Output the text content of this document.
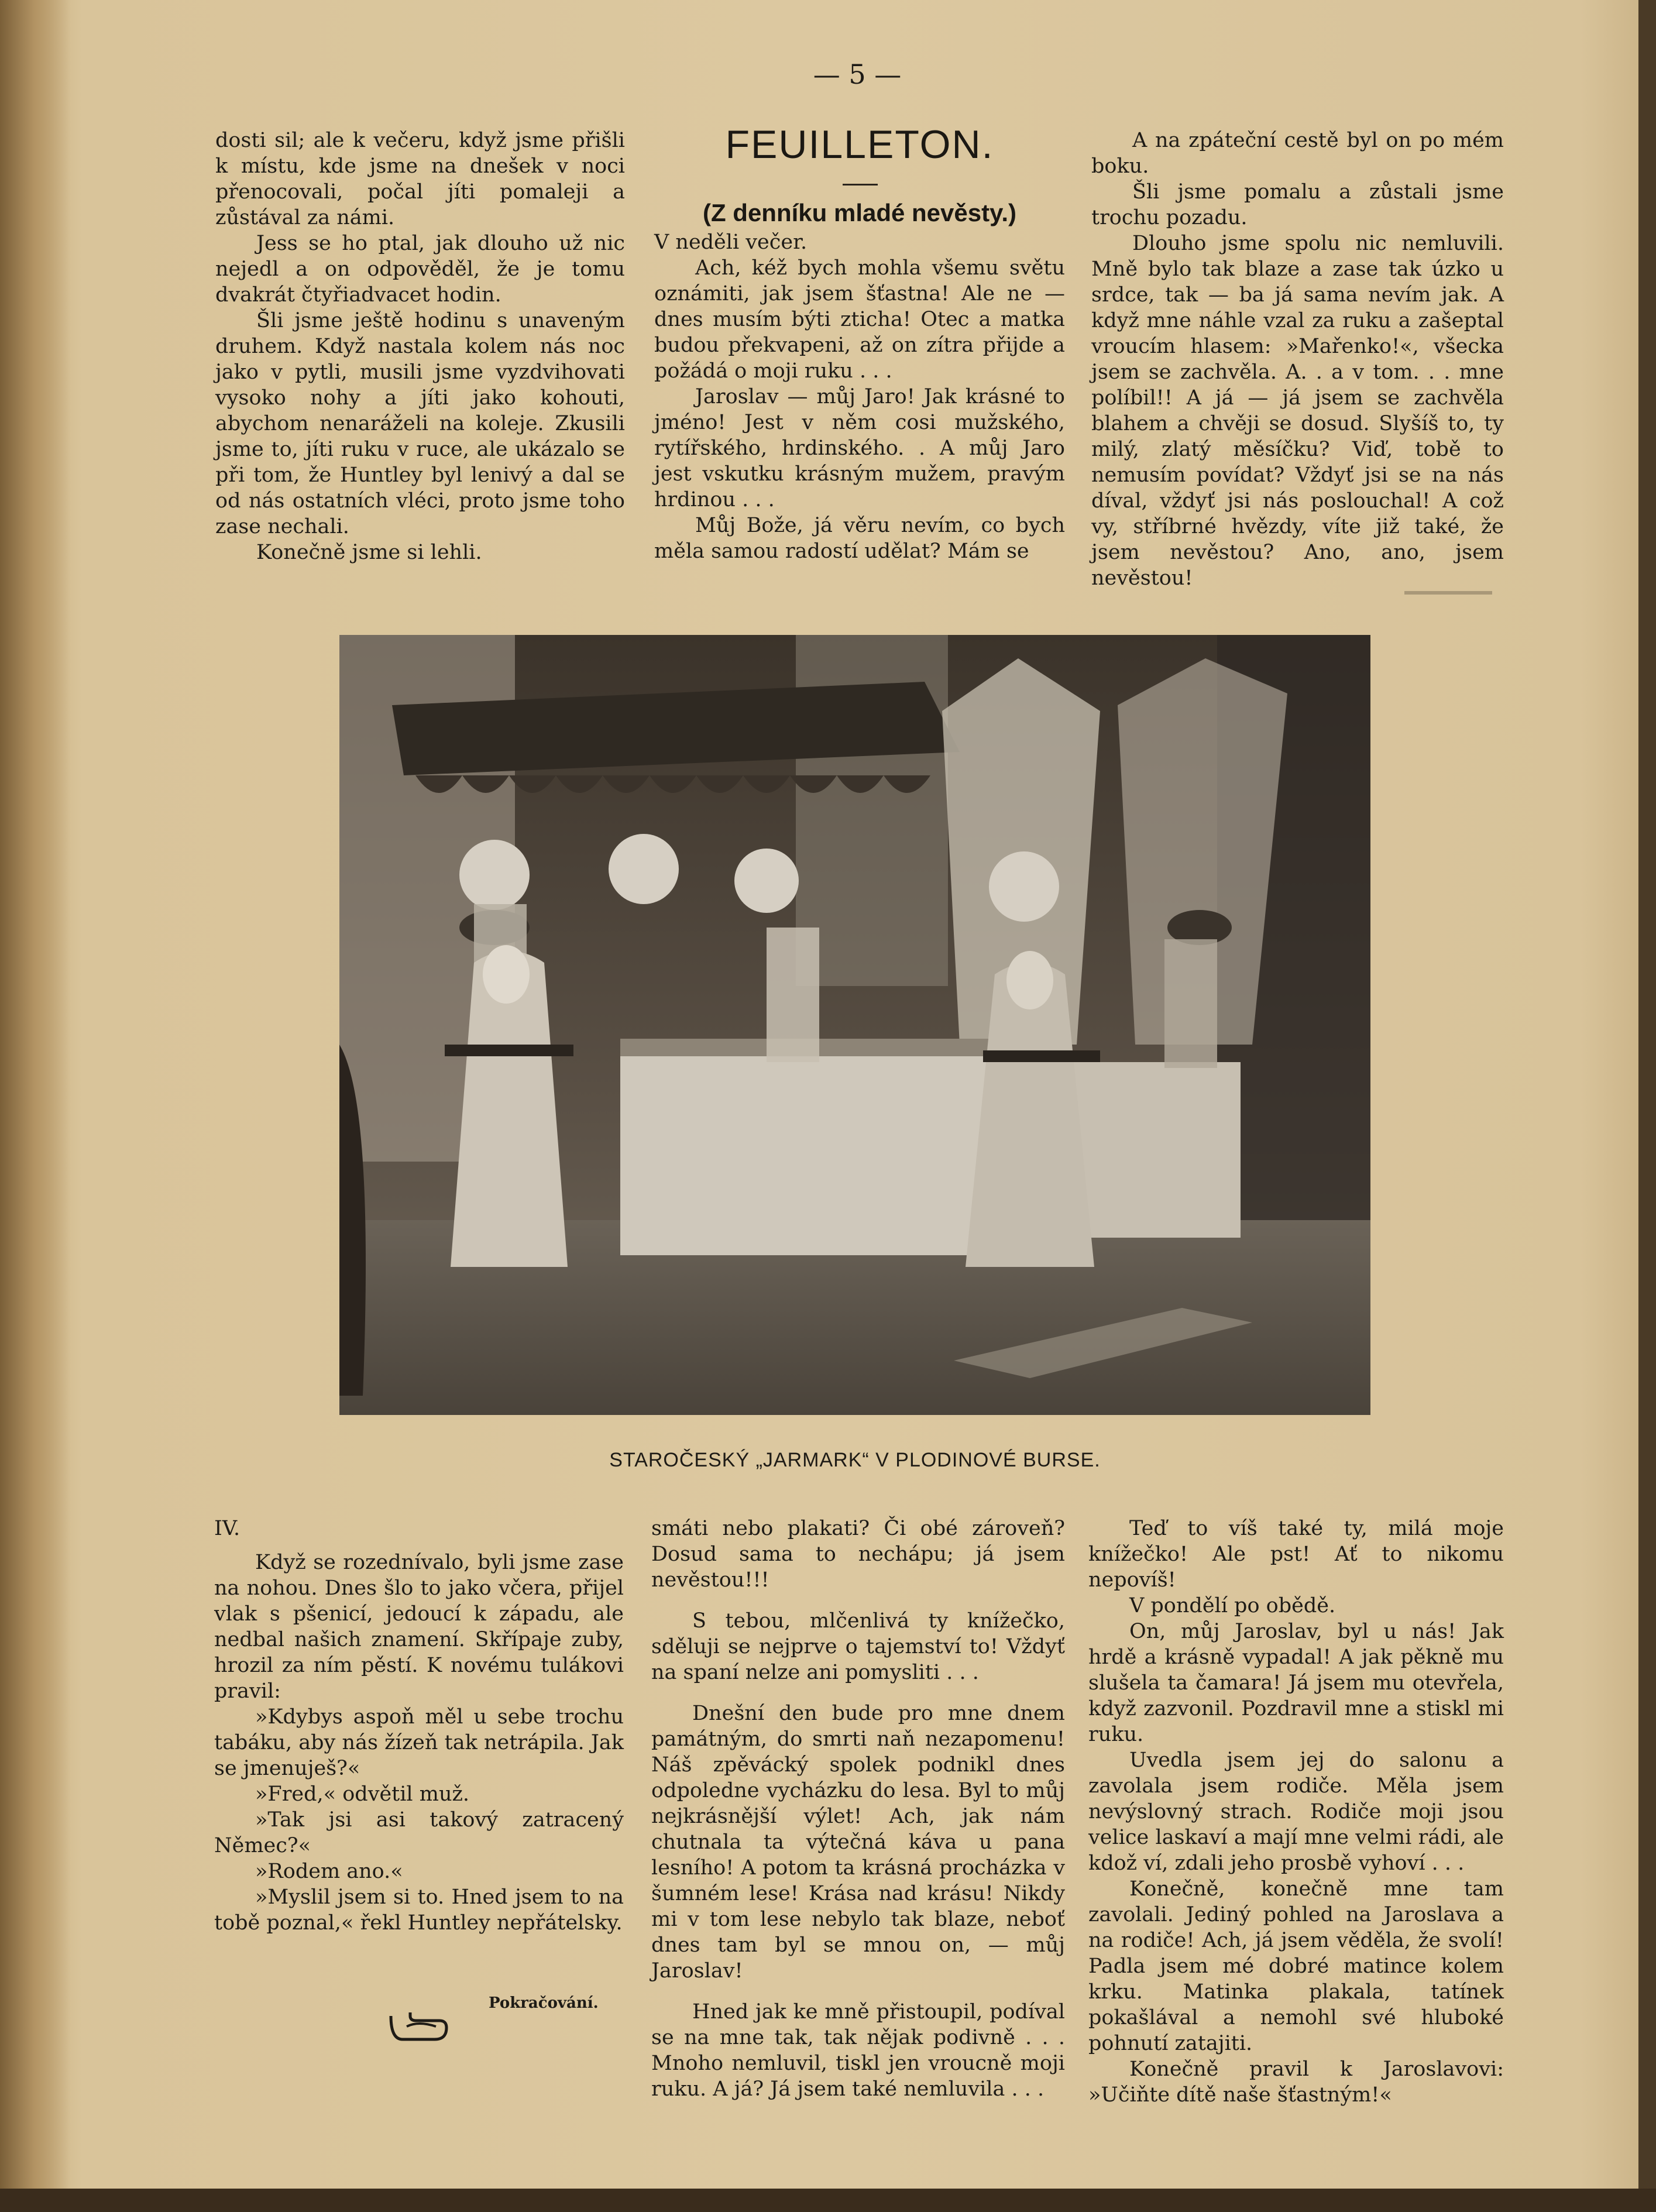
— 5 —

dosti sil; ale k večeru, když jsme přišli k místu, kde jsme na dnešek v noci přenocovali, počal jíti pomaleji a zůstával za námi.

Jess se ho ptal, jak dlouho už nic nejedl a on odpověděl, že je tomu dvakrát čtyřiadvacet hodin.

Šli jsme ještě hodinu s unaveným druhem. Když nastala kolem nás noc jako v pytli, musili jsme vyzdvihovati vysoko nohy a jíti jako kohouti, abychom nenaráželi na koleje. Zkusili jsme to, jíti ruku v ruce, ale ukázalo se při tom, že Huntley byl lenivý a dal se od nás ostatních vléci, proto jsme toho zase nechali.

Konečně jsme si lehli.

FEUILLETON.
(Z denníku mladé nevěsty.)

V neděli večer.

Ach, kéž bych mohla všemu světu oznámiti, jak jsem šťastna! Ale ne — dnes musím býti zticha! Otec a matka budou překvapeni, až on zítra přijde a požádá o moji ruku . . .

Jaroslav — můj Jaro! Jak krásné to jméno! Jest v něm cosi mužského, rytířského, hrdinského. . A můj Jaro jest vskutku krásným mužem, pravým hrdinou . . .

Můj Bože, já věru nevím, co bych měla samou radostí udělat? Mám se

A na zpáteční cestě byl on po mém boku.

Šli jsme pomalu a zůstali jsme trochu pozadu.

Dlouho jsme spolu nic nemluvili. Mně bylo tak blaze a zase tak úzko u srdce, tak — ba já sama nevím jak. A když mne náhle vzal za ruku a zašeptal vroucím hlasem: »Mařenko!«, všecka jsem se zachvěla. A. . a v tom. . . mne políbil!! A já — já jsem se zachvěla blahem a chvěji se dosud. Slyšíš to, ty milý, zlatý měsíčku? Viď, tobě to nemusím povídat? Vždyť jsi se na nás díval, vždyť jsi nás poslouchal! A což vy, stříbrné hvězdy, víte již také, že jsem nevěstou? Ano, ano, jsem nevěstou!

STAROČESKÝ „JARMARK“ V PLODINOVÉ BURSE.

IV.

Když se rozednívalo, byli jsme zase na nohou. Dnes šlo to jako včera, přijel vlak s pšenicí, jedoucí k západu, ale nedbal našich znamení. Skřípaje zuby, hrozil za ním pěstí. K novému tulákovi pravil:

»Kdybys aspoň měl u sebe trochu tabáku, aby nás žízeň tak netrápila. Jak se jmenuješ?«

»Fred,« odvětil muž.

»Tak jsi asi takový zatracený Němec?«

»Rodem ano.«

»Myslil jsem si to. Hned jsem to na tobě poznal,« řekl Huntley nepřátelsky.

Pokračování.

smáti nebo plakati? Či obé zároveň? Dosud sama to nechápu; já jsem nevěstou!!!

S tebou, mlčenlivá ty knížečko, sděluji se nejprve o tajemství to! Vždyť na spaní nelze ani pomysliti . . .

Dnešní den bude pro mne dnem památným, do smrti naň nezapomenu! Náš zpěvácký spolek podnikl dnes odpoledne vycházku do lesa. Byl to můj nejkrásnější výlet! Ach, jak nám chutnala ta výtečná káva u pana lesního! A potom ta krásná procházka v šumném lese! Krása nad krásu! Nikdy mi v tom lese nebylo tak blaze, neboť dnes tam byl se mnou on, — můj Jaroslav!

Hned jak ke mně přistoupil, podíval se na mne tak, tak nějak podivně . . . Mnoho nemluvil, tiskl jen vroucně moji ruku. A já? Já jsem také nemluvila . . .

Teď to víš také ty, milá moje knížečko! Ale pst! Ať to nikomu nepovíš!

V pondělí po obědě.

On, můj Jaroslav, byl u nás! Jak hrdě a krásně vypadal! A jak pěkně mu slušela ta čamara! Já jsem mu otevřela, když zazvonil. Pozdravil mne a stiskl mi ruku.

Uvedla jsem jej do salonu a zavolala jsem rodiče. Měla jsem nevýslovný strach. Rodiče moji jsou velice laskaví a mají mne velmi rádi, ale kdož ví, zdali jeho prosbě vyhoví . . .

Konečně, konečně mne tam zavolali. Jediný pohled na Jaroslava a na rodiče! Ach, já jsem věděla, že svolí! Padla jsem mé dobré matince kolem krku. Matinka plakala, tatínek pokašlával a nemohl své hluboké pohnutí zatajiti.

Konečně pravil k Jaroslavovi: »Učiňte dítě naše šťastným!«
